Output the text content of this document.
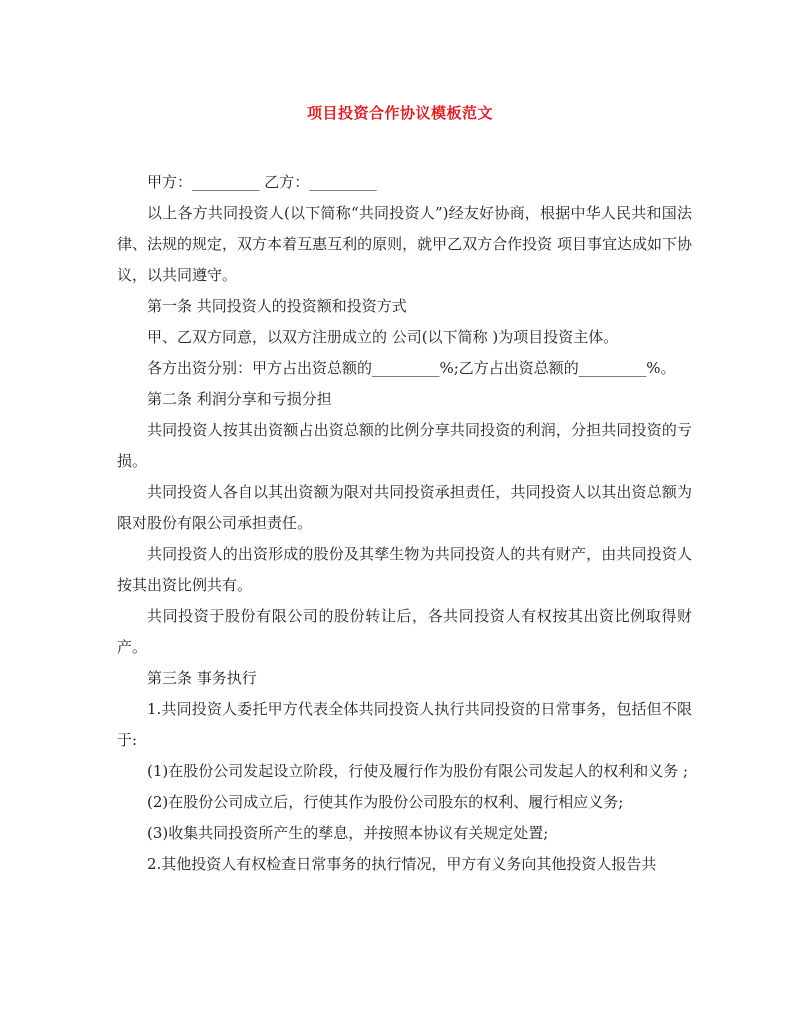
项目投资合作协议模板范文

甲方：_________ 乙方：_________

以上各方共同投资人(以下简称“共同投资人”)经友好协商，根据中华人民共和国法律、法规的规定，双方本着互惠互利的原则，就甲乙双方合作投资 项目事宜达成如下协议，以共同遵守。

第一条 共同投资人的投资额和投资方式

甲、乙双方同意，以双方注册成立的 公司(以下简称 )为项目投资主体。

各方出资分别：甲方占出资总额的_________%;乙方占出资总额的_________%。

第二条 利润分享和亏损分担

共同投资人按其出资额占出资总额的比例分享共同投资的利润，分担共同投资的亏损。

共同投资人各自以其出资额为限对共同投资承担责任，共同投资人以其出资总额为限对股份有限公司承担责任。

共同投资人的出资形成的股份及其孳生物为共同投资人的共有财产，由共同投资人按其出资比例共有。

共同投资于股份有限公司的股份转让后，各共同投资人有权按其出资比例取得财产。

第三条 事务执行

1.共同投资人委托甲方代表全体共同投资人执行共同投资的日常事务，包括但不限于:

(1)在股份公司发起设立阶段，行使及履行作为股份有限公司发起人的权利和义务 ;

(2)在股份公司成立后，行使其作为股份公司股东的权利、履行相应义务;

(3)收集共同投资所产生的孳息，并按照本协议有关规定处置;

2.其他投资人有权检查日常事务的执行情况，甲方有义务向其他投资人报告共
